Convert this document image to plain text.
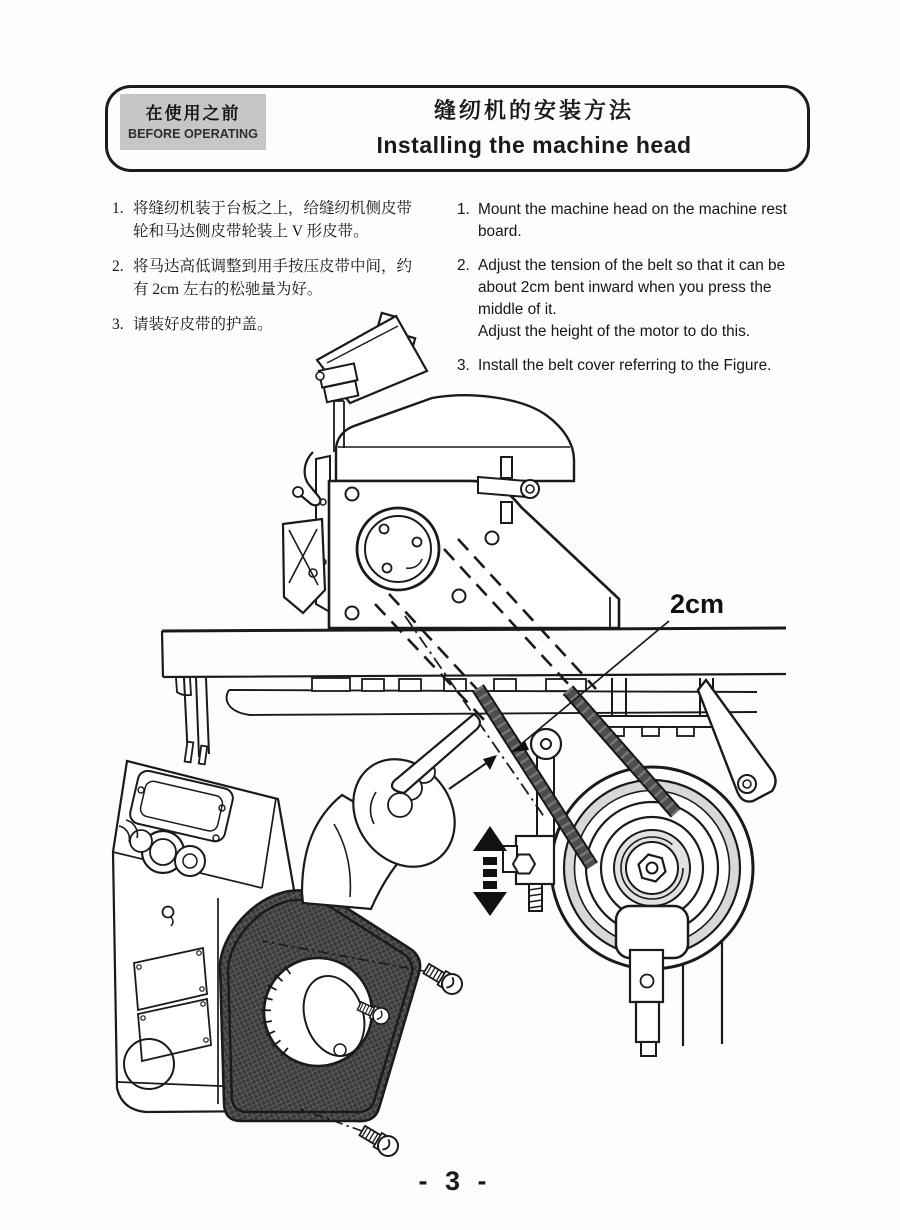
在使用之前
BEFORE OPERATING
缝纫机的安装方法
Installing the machine head
1. 将缝纫机装于台板之上，给缝纫机侧皮带
轮和马达侧皮带轮装上 V 形皮带。
2. 将马达高低调整到用手按压皮带中间，约
有 2cm 左右的松驰量为好。
3. 请装好皮带的护盖。
1. Mount the machine head on the machine rest
board.
2. Adjust the tension of the belt so that it can be
about 2cm bent inward when you press the
middle of it.
Adjust the height of the motor to do this.
3. Install the belt cover referring to the Figure.
2cm
- 3 -
